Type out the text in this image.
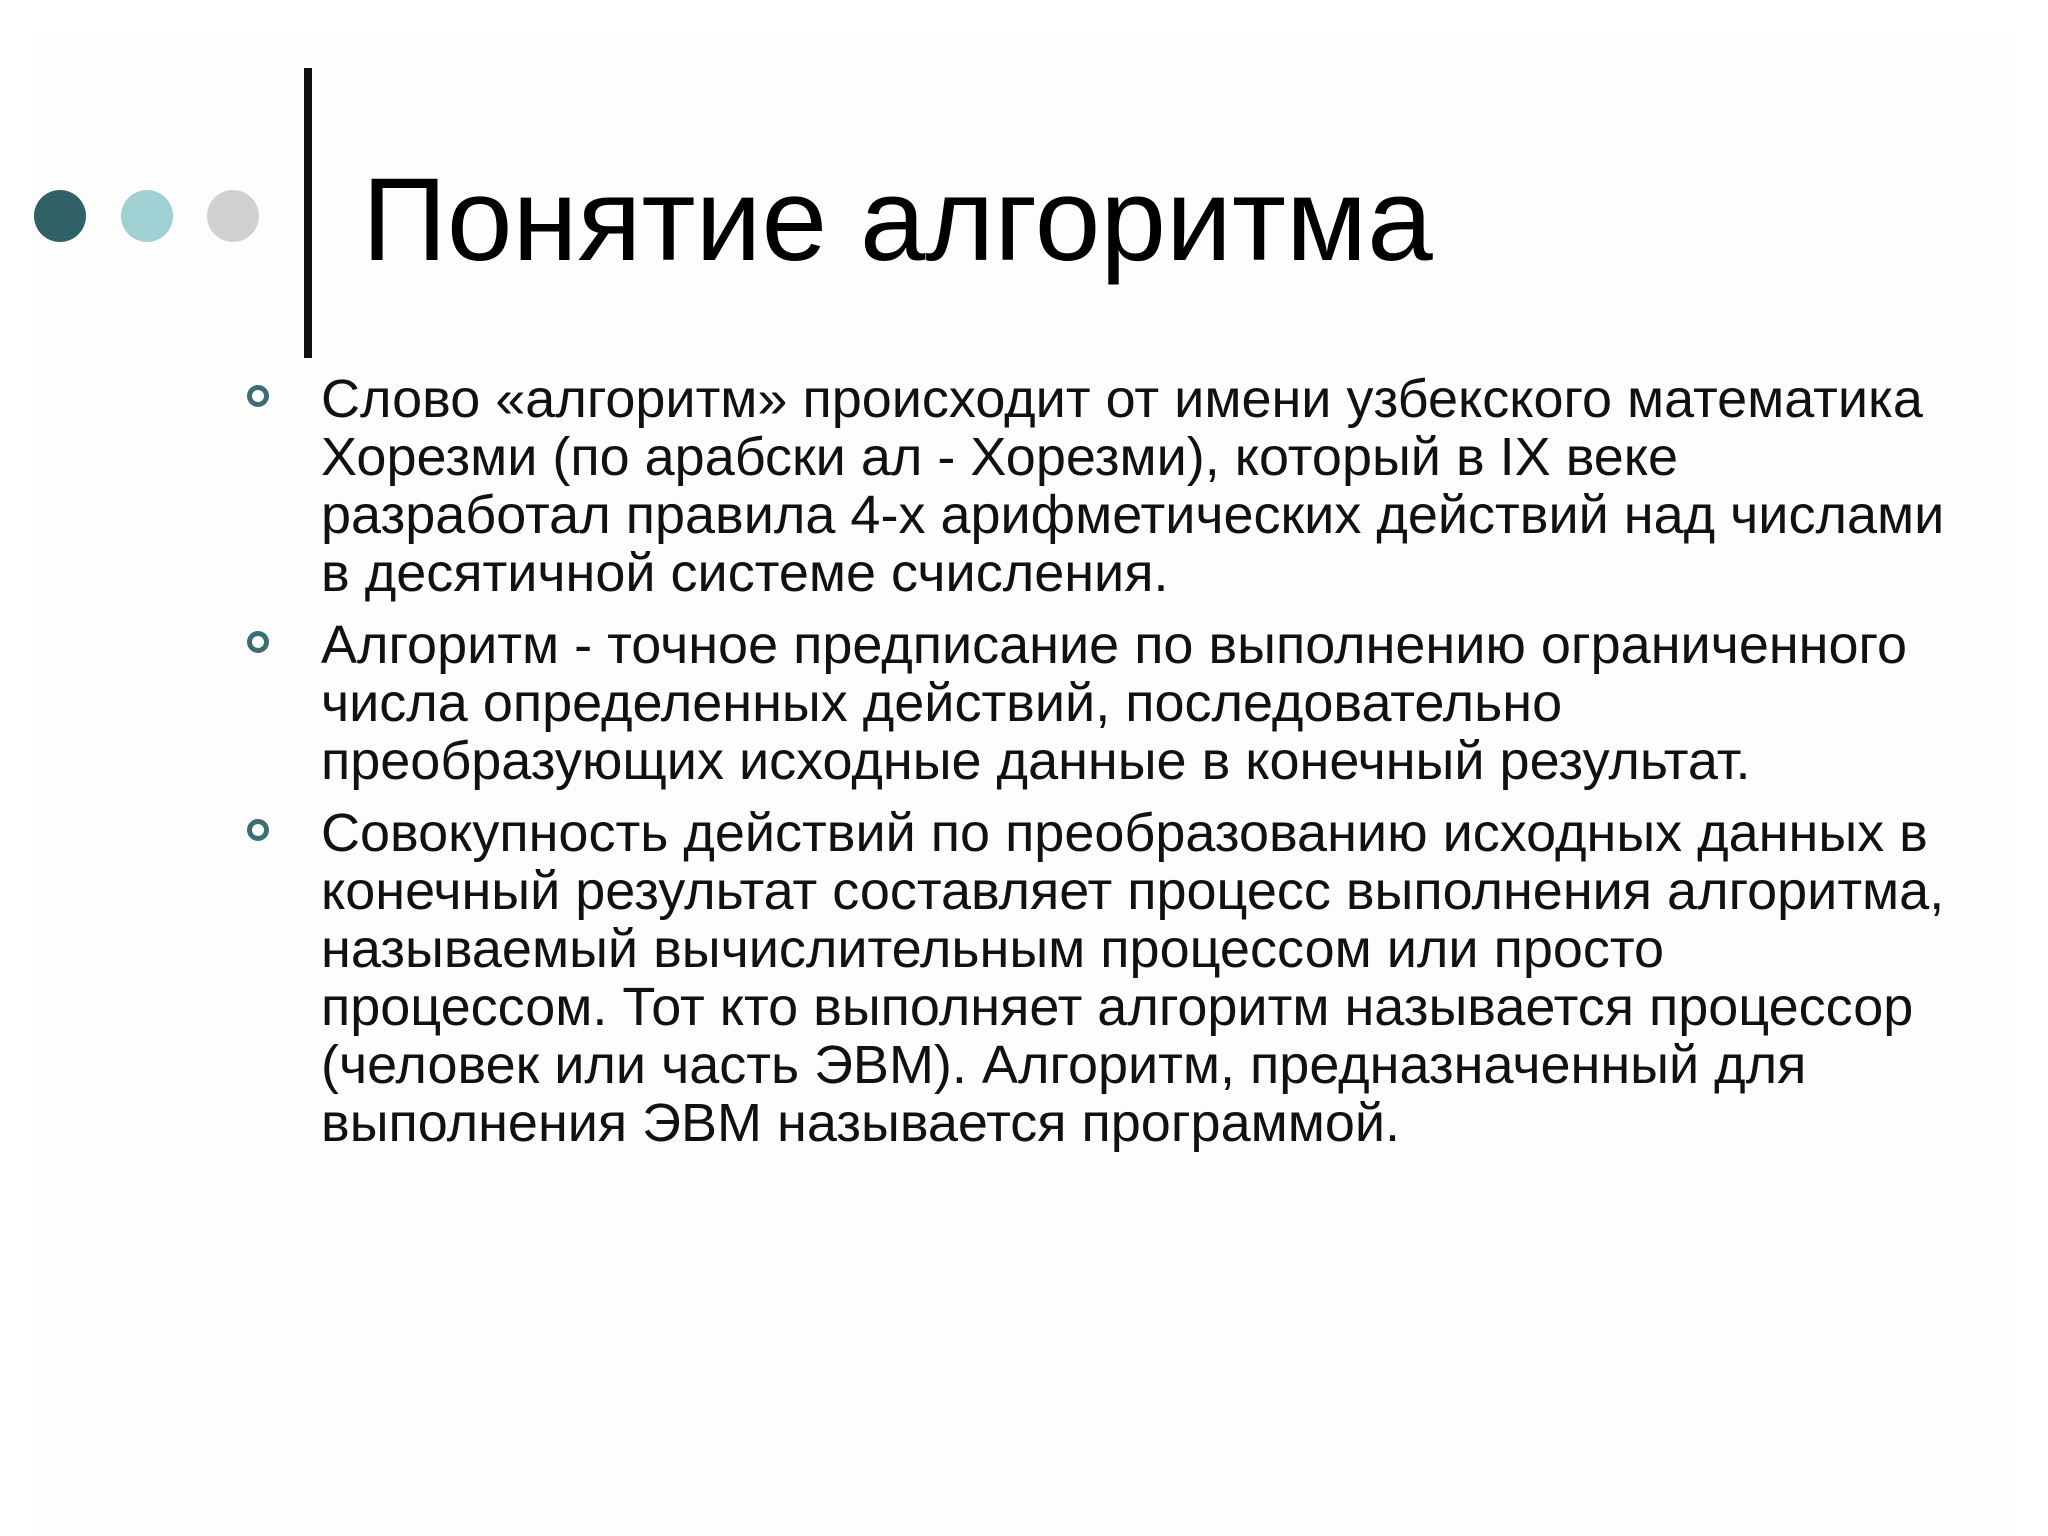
Понятие алгоритма
Слово «алгоритм» происходит от имени узбекского математика Хорезми (по арабски ал - Хорезми), который в IX веке разработал правила 4-х арифметических действий над числами в десятичной системе счисления.
Алгоритм - точное предписание по выполнению ограниченного числа определенных действий, последовательно преобразующих исходные данные в конечный результат.
Совокупность действий по преобразованию исходных данных в конечный результат составляет процесс выполнения алгоритма, называемый вычислительным процессом или просто процессом. Тот кто выполняет алгоритм называется процессор (человек или часть ЭВМ). Алгоритм, предназначенный для выполнения ЭВМ называется программой.
